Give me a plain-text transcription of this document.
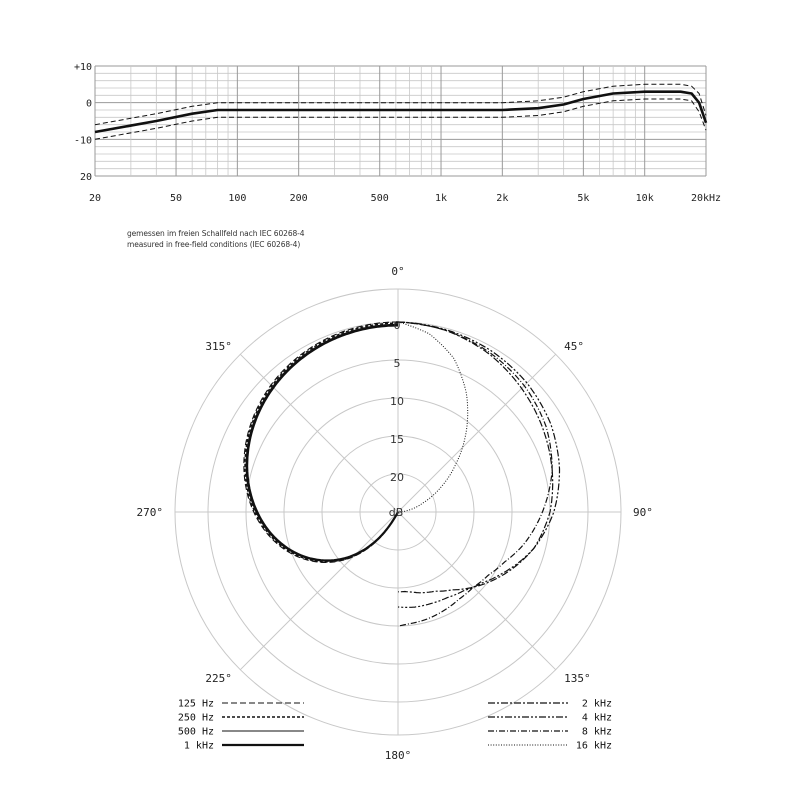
20	50	100	200	500	1k	2k	5k	10k	20kHz
+10
0
-10
20
gemessen im freien Schallfeld nach IEC 60268-4
measured in free-field conditions (IEC 60268-4)
0°
45°
90°
135°
180°
225°
270°
315°
0
5
10
15
20
dB
125 Hz
250 Hz
500 Hz
1 kHz
2 kHz
4 kHz
8 kHz
16 kHz
